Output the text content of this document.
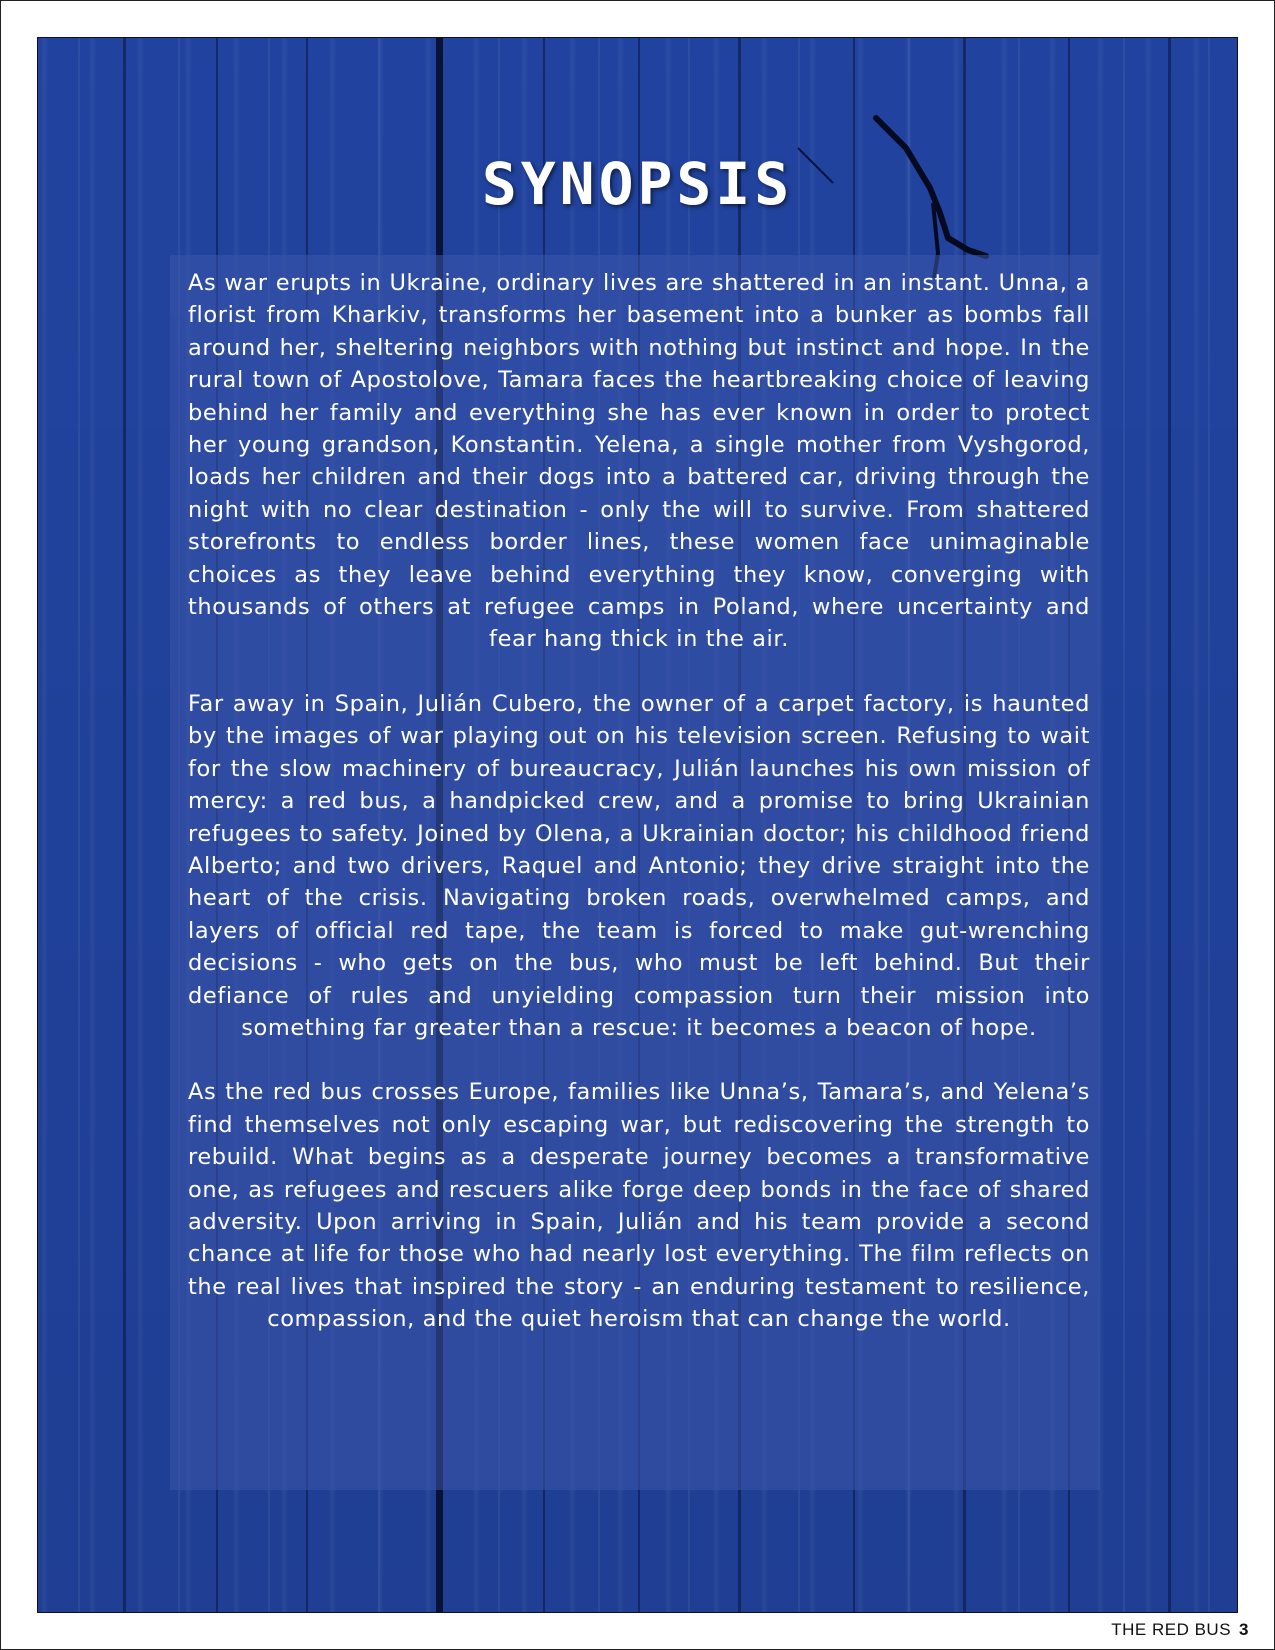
SYNOPSIS

As war erupts in Ukraine, ordinary lives are shattered in an instant. Unna, a florist from Kharkiv, transforms her basement into a bunker as bombs fall around her, sheltering neighbors with nothing but instinct and hope. In the rural town of Apostolove, Tamara faces the heartbreaking choice of leaving behind her family and everything she has ever known in order to protect her young grandson, Konstantin. Yelena, a single mother from Vyshgorod, loads her children and their dogs into a battered car, driving through the night with no clear destination - only the will to survive. From shattered storefronts to endless border lines, these women face unimaginable choices as they leave behind everything they know, converging with thousands of others at refugee camps in Poland, where uncertainty and fear hang thick in the air.

Far away in Spain, Julián Cubero, the owner of a carpet factory, is haunted by the images of war playing out on his television screen. Refusing to wait for the slow machinery of bureaucracy, Julián launches his own mission of mercy: a red bus, a handpicked crew, and a promise to bring Ukrainian refugees to safety. Joined by Olena, a Ukrainian doctor; his childhood friend Alberto; and two drivers, Raquel and Antonio; they drive straight into the heart of the crisis. Navigating broken roads, overwhelmed camps, and layers of official red tape, the team is forced to make gut-wrenching decisions - who gets on the bus, who must be left behind. But their defiance of rules and unyielding compassion turn their mission into something far greater than a rescue: it becomes a beacon of hope.

As the red bus crosses Europe, families like Unna’s, Tamara’s, and Yelena’s find themselves not only escaping war, but rediscovering the strength to rebuild. What begins as a desperate journey becomes a transformative one, as refugees and rescuers alike forge deep bonds in the face of shared adversity. Upon arriving in Spain, Julián and his team provide a second chance at life for those who had nearly lost everything. The film reflects on the real lives that inspired the story - an enduring testament to resilience, compassion, and the quiet heroism that can change the world.

THE RED BUS 3
